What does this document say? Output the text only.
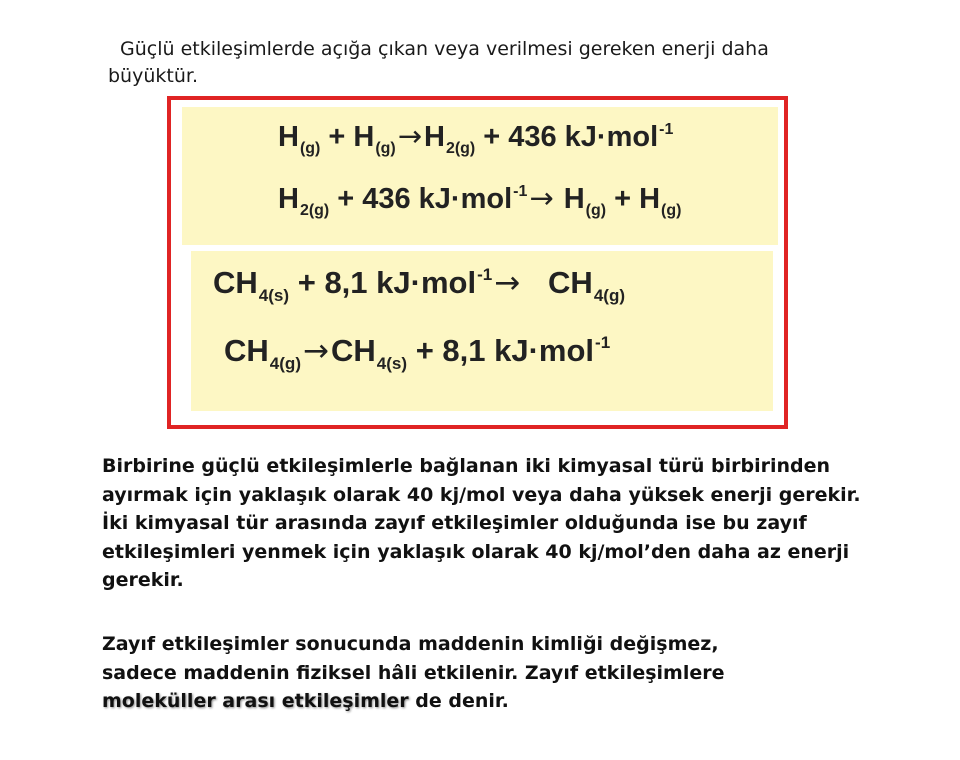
Güçlü etkileşimlerde açığa çıkan veya verilmesi gereken enerji daha
büyüktür.
$H_{(g)} + H_{(g)}\to H_{2(g)} + 436$ kJ·mol$^{-1}$
$H_{2(g)} + 436$ $kJ\cdot mol^{-1}\to H_{(g)} + H_{(g)}$
$CH_{4(s)} + 8,1$ $kJ\cdot mol^{-1}\to CH_{4(g)}$
$CH_{4(g)}\to CH_{4(s)} + 8,1$ kJ·mol$^{-1}$
Birbirine güçlü etkileşimlerle bağlanan iki kimyasal türü birbirinden
ayırmak için yaklaşık olarak 40 kj/mol veya daha yüksek enerji gerekir.
İki kimyasal tür arasında zayıf etkileşimler olduğunda ise bu zayıf
etkileşimleri yenmek için yaklaşık olarak 40 kj/mol’den daha az enerji
gerekir.
Zayıf etkileşimler sonucunda maddenin kimliği değişmez,
sadece maddenin fiziksel hâli etkilenir. Zayıf etkileşimlere
moleküller arası etkileşimler de denir.
